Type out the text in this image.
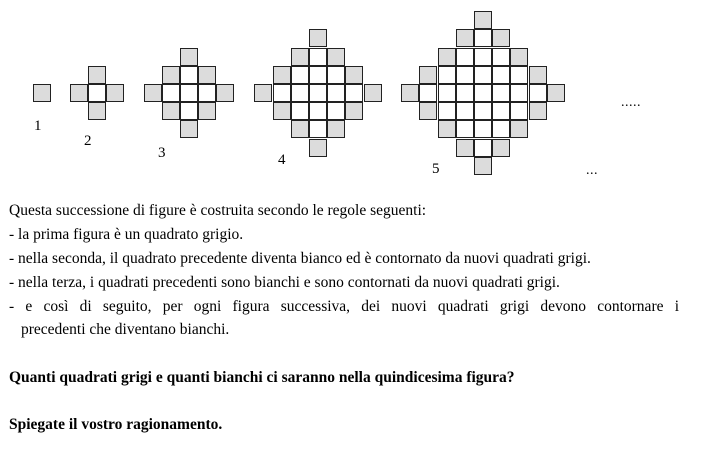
1
2
3	4
5
.....
...
Questa successione di figure è costruita secondo le regole seguenti:
- la prima figura è un quadrato grigio.
- nella seconda, il quadrato precedente diventa bianco ed è contornato da nuovi quadrati grigi.
- nella terza, i quadrati precedenti sono bianchi e sono contornati da nuovi quadrati grigi.
- e così di seguito, per ogni figura successiva, dei nuovi quadrati grigi devono contornare i
precedenti che diventano bianchi.
Quanti quadrati grigi e quanti bianchi ci saranno nella quindicesima figura?
Spiegate il vostro ragionamento.
